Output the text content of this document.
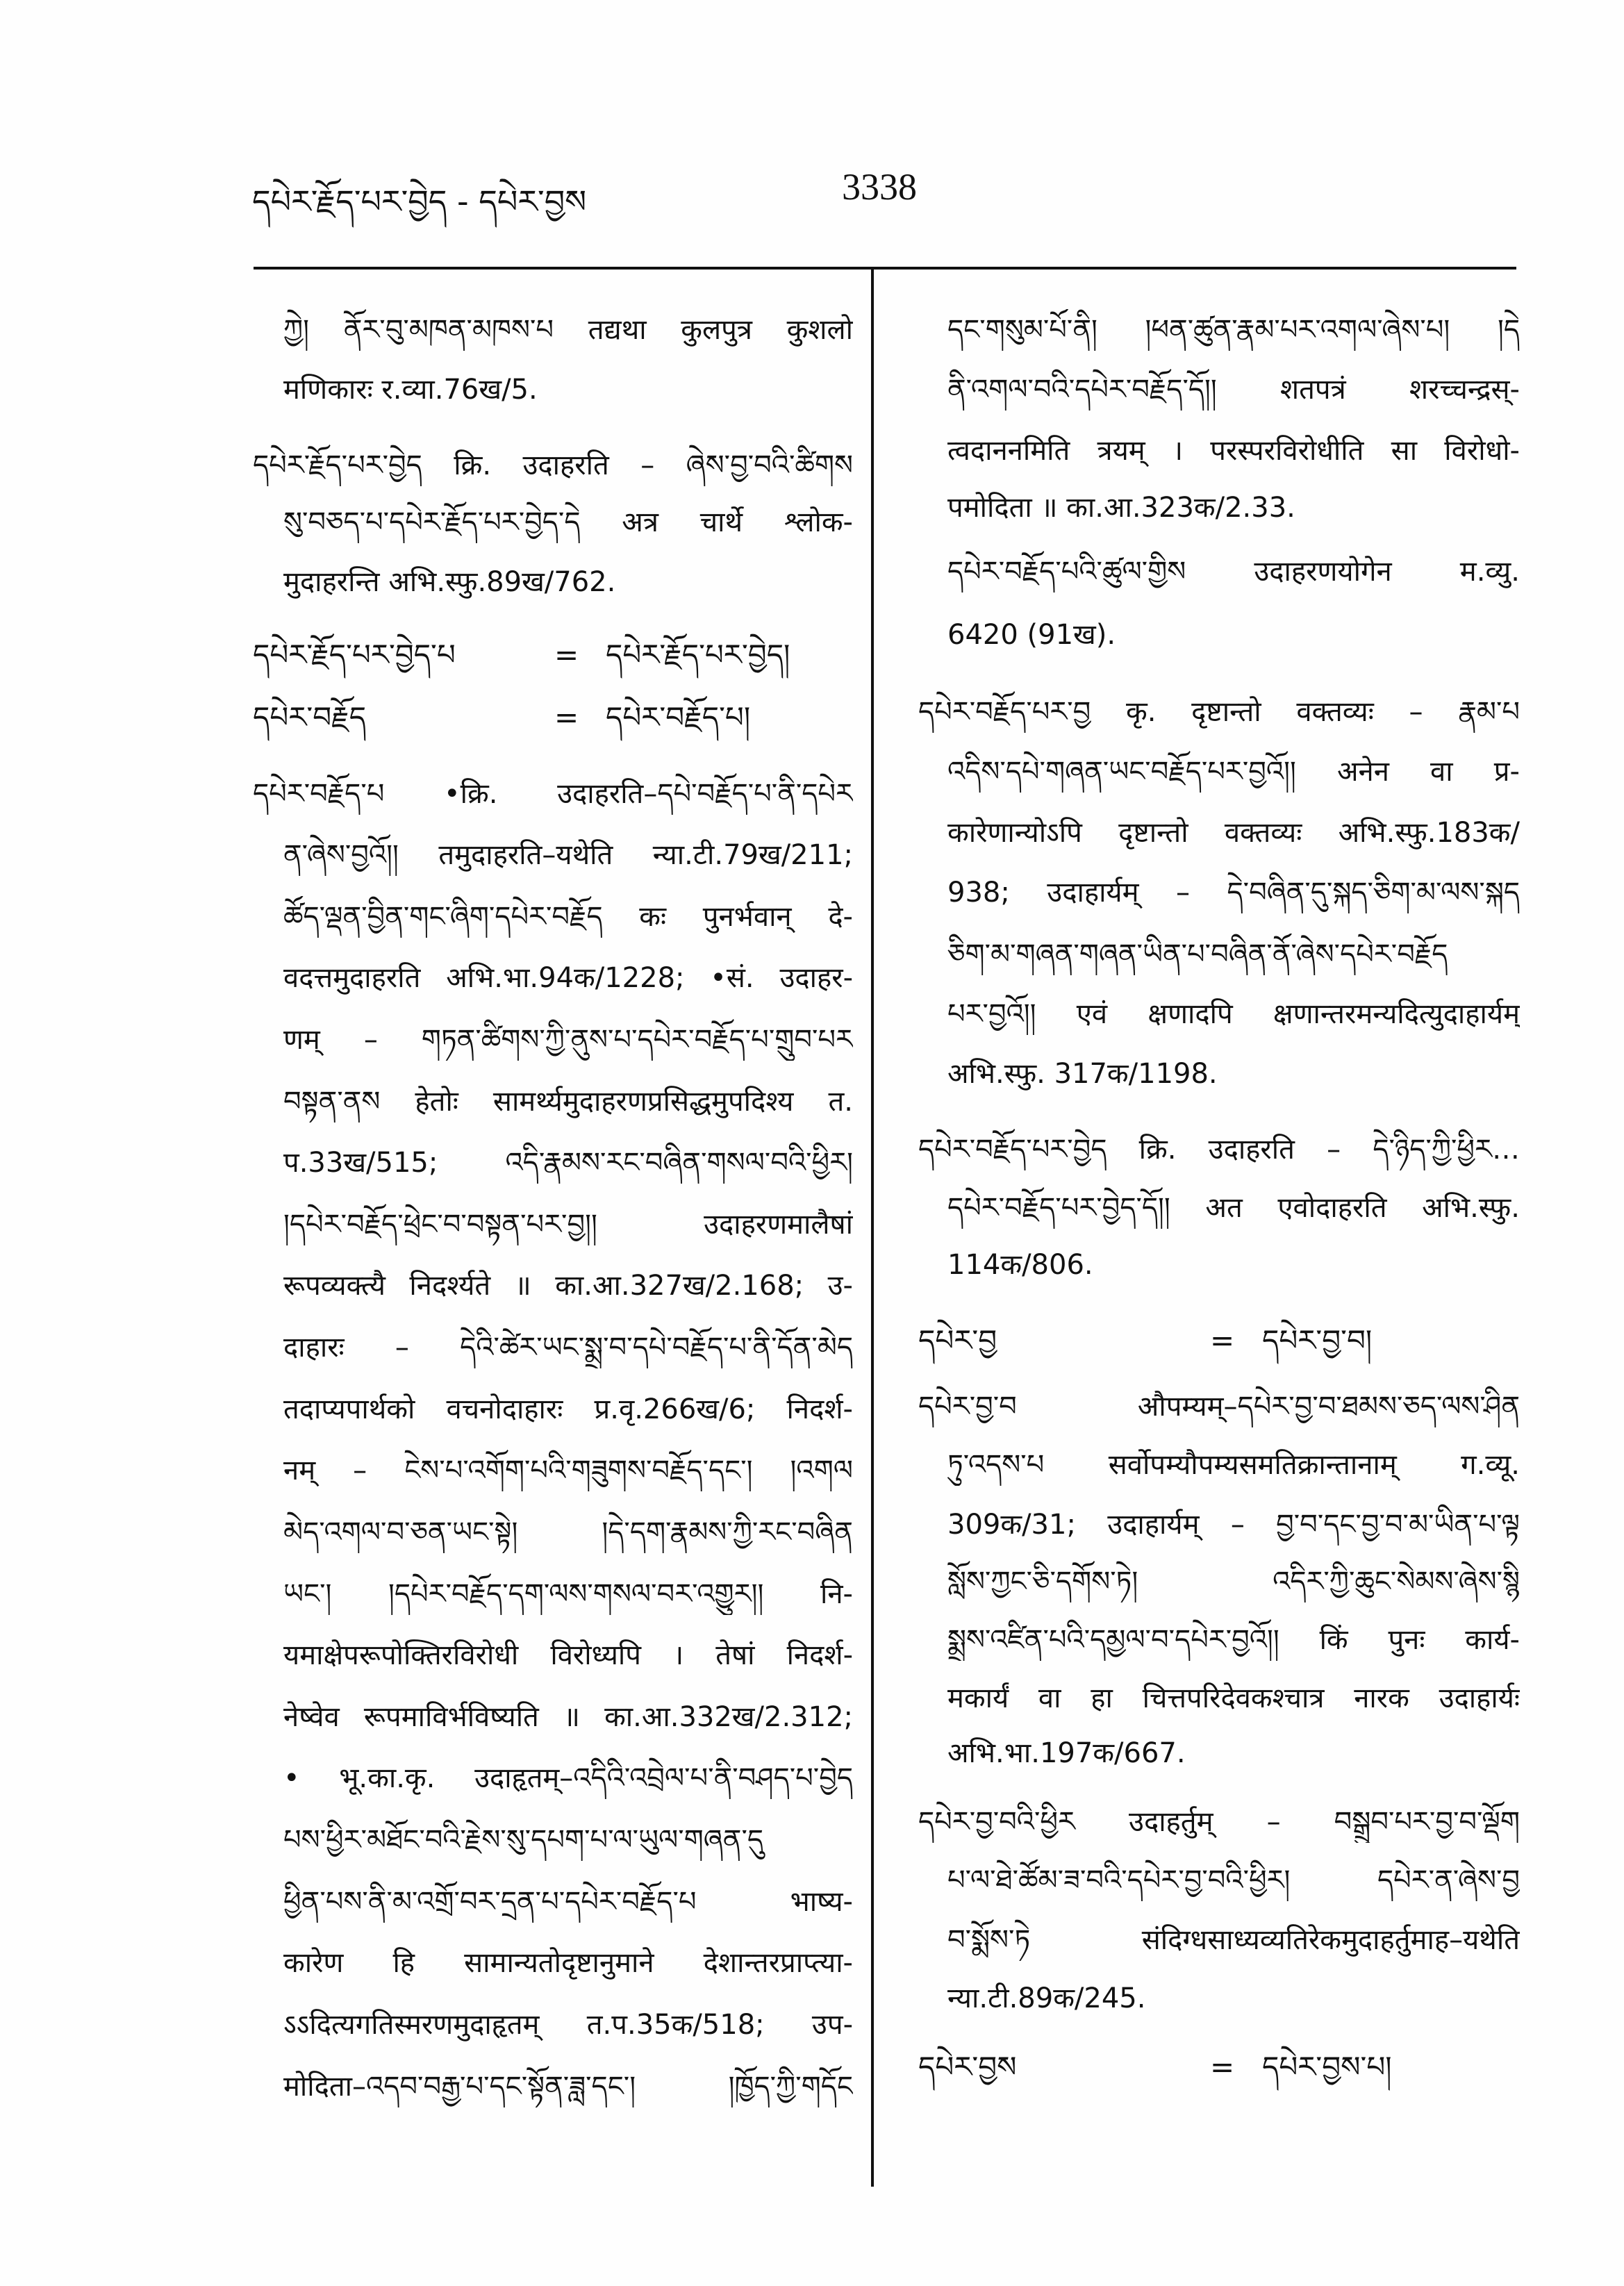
དཔེར་རྗོད་པར་བྱེད - དཔེར་བྱས	3338
ཀྱེ། ནོར་བུ་མཁན་མཁས་པ तद्यथा कुलपुत्र कुशलो
मणिकारः र.व्या.76ख/5.
དཔེར་རྗོད་པར་བྱེད क्रि. उदाहरति – ཞེས་བྱ་བའི་ཚིགས
སུ་བཅད་པ་དཔེར་རྗོད་པར་བྱེད་དེ अत्र चार्थे श्लोक-
मुदाहरन्ति अभि.स्फु.89ख/762.
དཔེར་རྗོད་པར་བྱེད་པ	= དཔེར་རྗོད་པར་བྱེད།
དཔེར་བརྗོད	= དཔེར་བརྗོད་པ།
དཔེར་བརྗོད་པ •क्रि. उदाहरति–དཔེ་བརྗོད་པ་ནི་དཔེར
ན་ཞེས་བྱའོ།། तमुदाहरति–यथेति न्या.टी.79ख/211;
ཚོད་ལྡན་བྱིན་གང་ཞིག་དཔེར་བརྗོད कः पुनर्भवान् दे-
वदत्तमुदाहरति अभि.भा.94क/1228; •सं. उदाहर-
णम् – གཏན་ཚིགས་ཀྱི་ནུས་པ་དཔེར་བརྗོད་པ་གྲུབ་པར
བསྟན་ནས हेतोः सामर्थ्यमुदाहरणप्रसिद्धमुपदिश्य त.
प.33ख/515; འདི་རྣམས་རང་བཞིན་གསལ་བའི་ཕྱིར།
།དཔེར་བརྗོད་ཕྲེང་བ་བསྟན་པར་བྱ།། उदाहरणमालैषां
रूपव्यक्त्यै निदर्श्यते ॥ का.आ.327ख/2.168; उ-
दाहारः – དེའི་ཚེར་ཡང་སྨྲ་བ་དཔེ་བརྗོད་པ་ནི་དོན་མེད
तदाप्यपार्थको वचनोदाहारः प्र.वृ.266ख/6; निदर्श-
नम् – ངེས་པ་འགོག་པའི་གཟུགས་བརྗོད་དང་། །འགལ
མེད་འགལ་བ་ཅན་ཡང་སྟེ། །དེ་དག་རྣམས་ཀྱི་རང་བཞིན
ཡང་། །དཔེར་བརྗོད་དག་ལས་གསལ་བར་འགྱུར།། नि-
यमाक्षेपरूपोक्तिरविरोधी विरोध्यपि । तेषां निदर्श-
नेष्वेव रूपमाविर्भविष्यति ॥ का.आ.332ख/2.312;
• भू.का.कृ. उदाहृतम्–འདིའི་འབྲེལ་པ་ནི་བཤད་པ་བྱེད
པས་ཕྱིར་མཐོང་བའི་རྗེས་སུ་དཔག་པ་ལ་ཡུལ་གཞན་དུ
ཕྱིན་པས་ནི་མ་འགྲོ་བར་དྲན་པ་དཔེར་བརྗོད་པ भाष्य-
कारेण हि सामान्यतोदृष्टानुमाने देशान्तरप्राप्त्या-
ऽऽदित्यगतिस्मरणमुदाहृतम् त.प.35क/518; उप-
मोदिता–འདབ་བརྒྱ་པ་དང་སྟོན་ཟླ་དང་། །ཁྱོད་ཀྱི་གདོང
དང་གསུམ་པོ་ནི། །ཕན་ཚུན་རྣམ་པར་འགལ་ཞེས་པ། །དེ
ནི་འགལ་བའི་དཔེར་བརྗོད་དོ།། शतपत्रं शरच्चन्द्रस्-
त्वदाननमिति त्रयम् । परस्परविरोधीति सा विरोधो-
पमोदिता ॥ का.आ.323क/2.33.
དཔེར་བརྗོད་པའི་ཚུལ་གྱིས उदाहरणयोगेन म.व्यु.
6420 (91ख).
དཔེར་བརྗོད་པར་བྱ कृ. दृष्टान्तो वक्तव्यः – རྣམ་པ
འདིས་དཔེ་གཞན་ཡང་བརྗོད་པར་བྱའོ།། अनेन वा प्र-
कारेणान्योऽपि दृष्टान्तो वक्तव्यः अभि.स्फु.183क/
938; उदाहार्यम् – དེ་བཞིན་དུ་སྐད་ཅིག་མ་ལས་སྐད
ཅིག་མ་གཞན་གཞན་ཡིན་པ་བཞིན་ནོ་ཞེས་དཔེར་བརྗོད
པར་བྱའོ།། एवं क्षणादपि क्षणान्तरमन्यदित्युदाहार्यम्
अभि.स्फु. 317क/1198.
དཔེར་བརྗོད་པར་བྱེད क्रि. उदाहरति – དེ་ཉིད་ཀྱི་ཕྱིར…
དཔེར་བརྗོད་པར་བྱེད་དོ།། अत एवोदाहरति अभि.स्फु.
114क/806.
དཔེར་བྱ	= དཔེར་བྱ་བ།
དཔེར་བྱ་བ औपम्यम्–དཔེར་བྱ་བ་ཐམས་ཅད་ལས་ཤིན
ཏུ་འདས་པ सर्वोपम्यौपम्यसमतिक्रान्तानाम् ग.व्यू.
309क/31; उदाहार्यम् – བྱ་བ་དང་བྱ་བ་མ་ཡིན་པ་ལྟ
སློས་ཀྱང་ཅི་དགོས་ཏེ། འདིར་ཀྱི་ཆུང་སེམས་ཞེས་སྙི
སྨྲས་འཛིན་པའི་དམྱལ་བ་དཔེར་བྱའོ།། किं पुनः कार्य-
मकार्यं वा हा चित्तपरिदेवकश्चात्र नारक उदाहार्यः
अभि.भा.197क/667.
དཔེར་བྱ་བའི་ཕྱིར उदाहर्तुम् – བསྒྲུབ་པར་བྱ་བ་ལྡོག
པ་ལ་ཐེ་ཚོམ་ཟ་བའི་དཔེར་བྱ་བའི་ཕྱིར། དཔེར་ན་ཞེས་བྱ
བ་སྨོས་ཏེ संदिग्धसाध्यव्यतिरेकमुदाहर्तुमाह–यथेति
न्या.टी.89क/245.
དཔེར་བྱས	= དཔེར་བྱས་པ།
